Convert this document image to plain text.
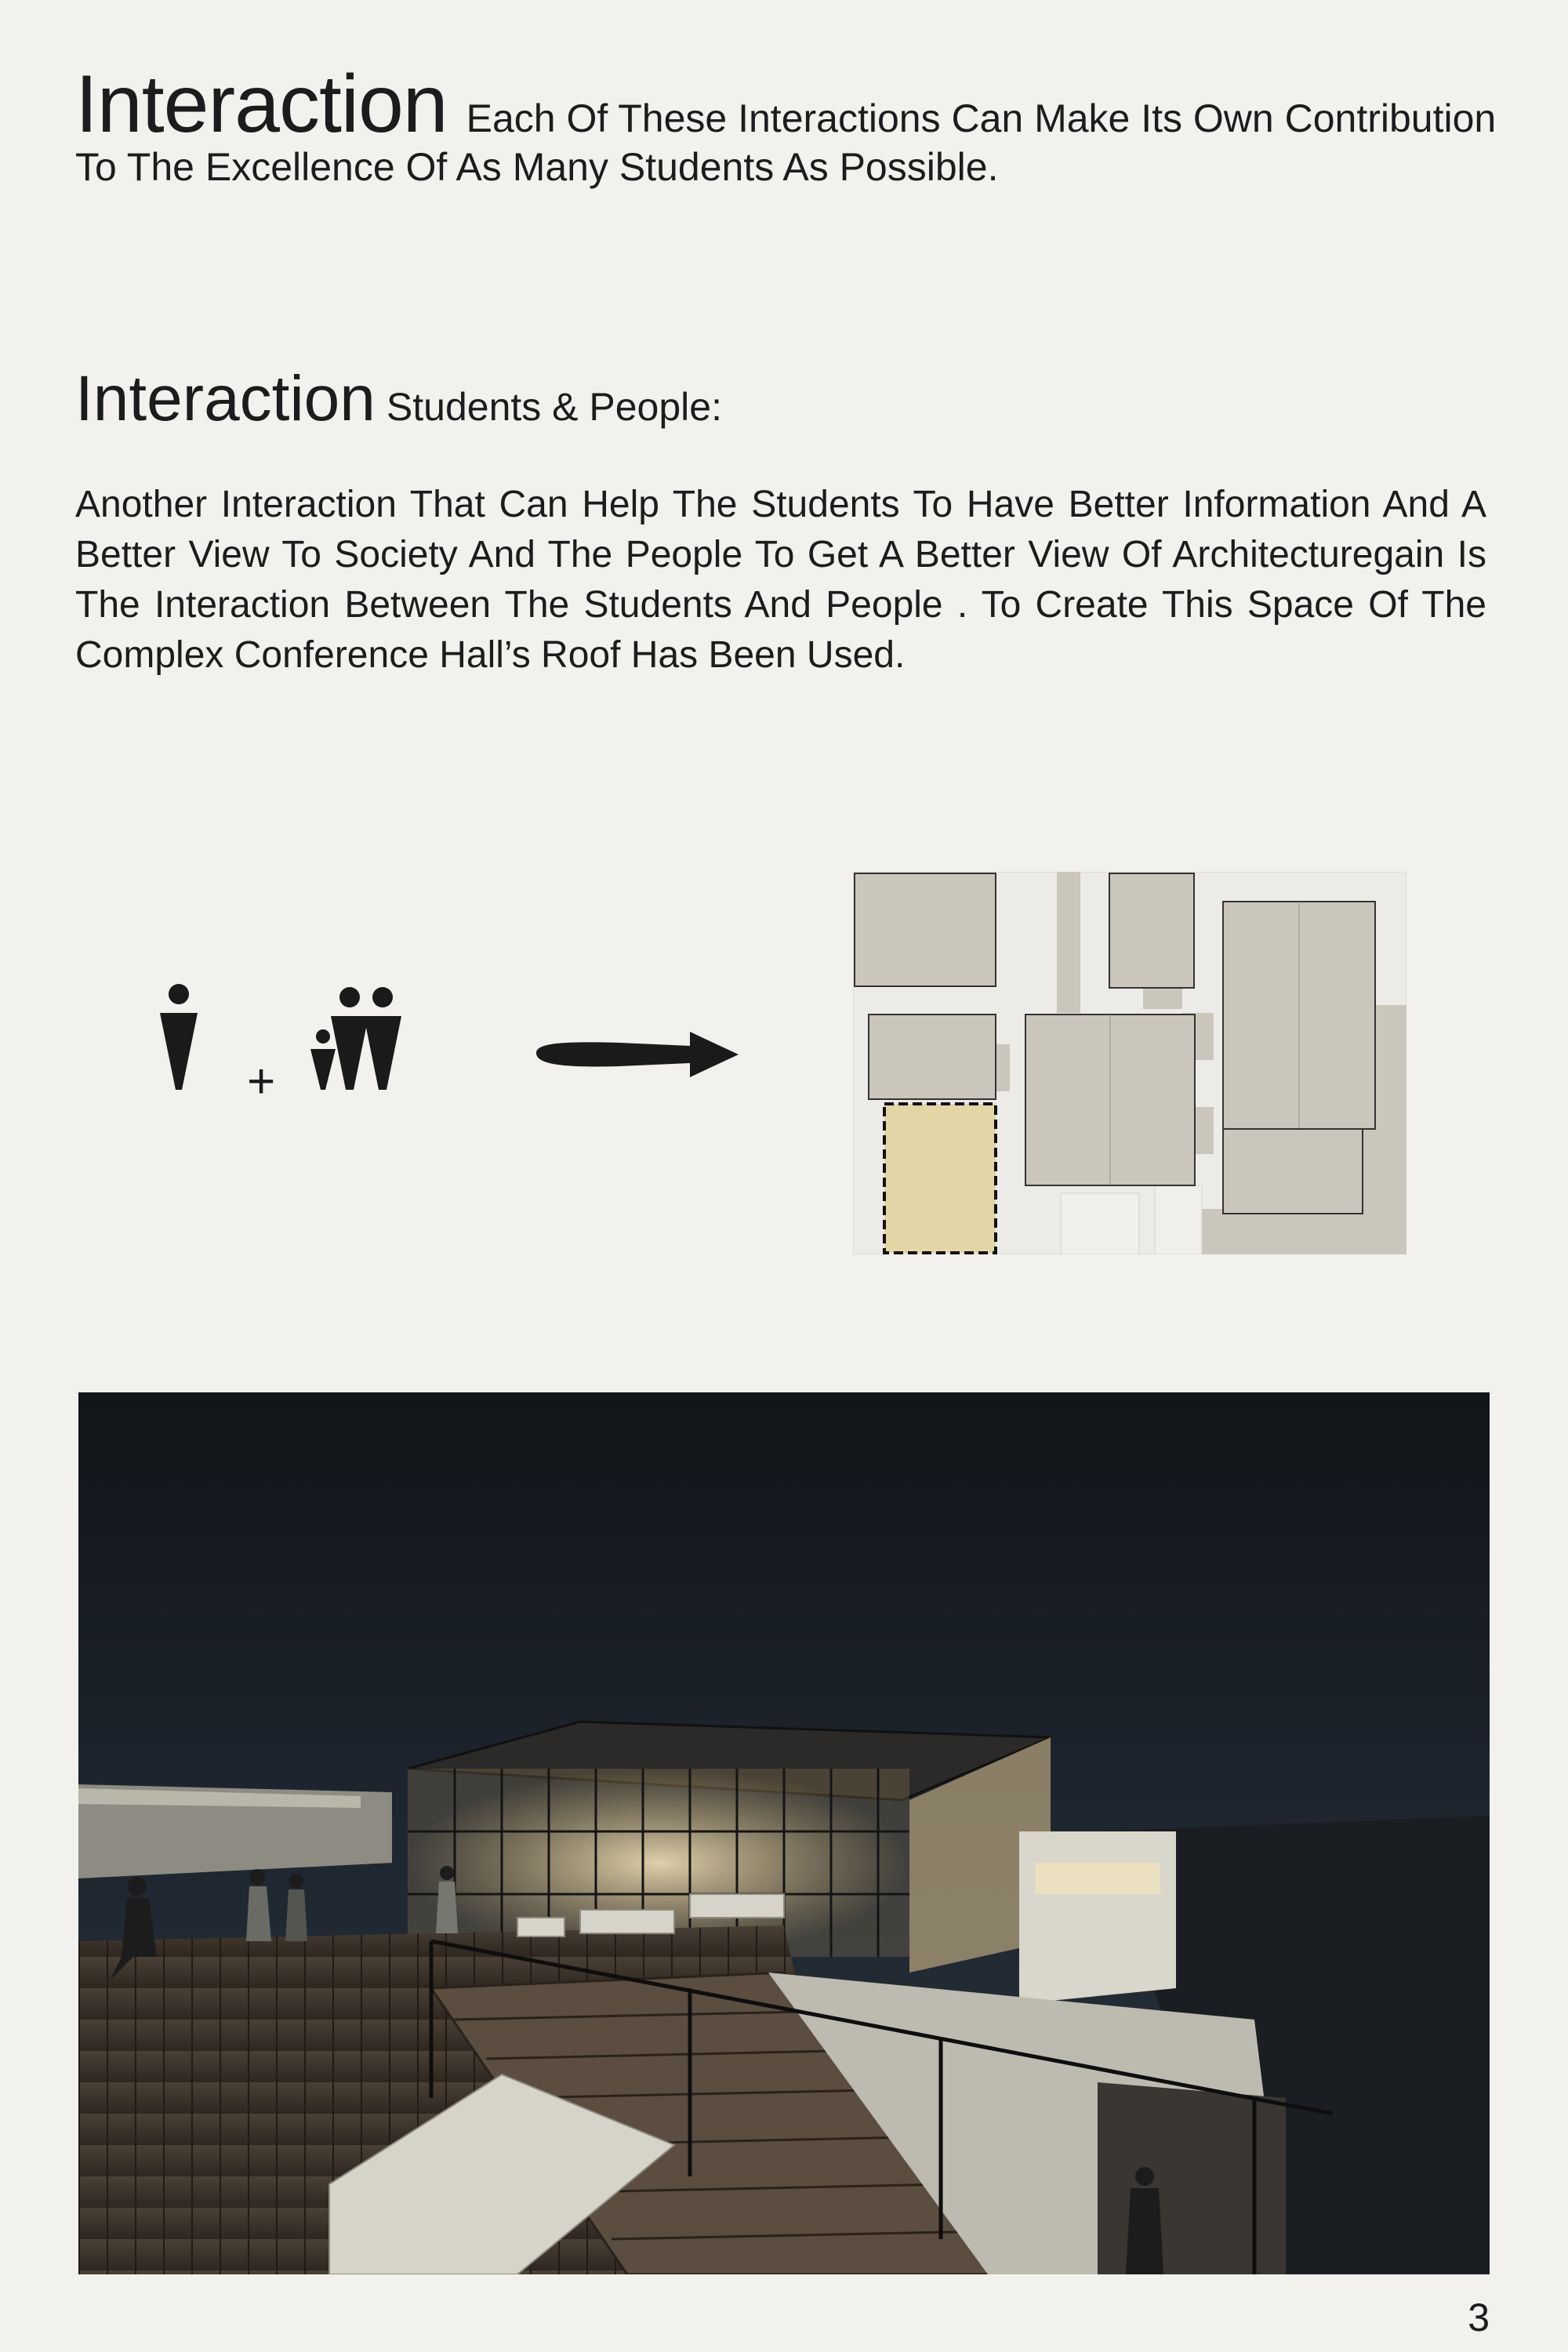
Interaction Each Of These Interactions Can Make Its Own Contribution
To The Excellence Of As Many Students As Possible.
Interaction Students & People:

Another Interaction That Can Help The Students To Have Better Information And A Better View To Society And The People To Get A Better View Of Architecturegain Is The Interaction Between The Students And People . To Create This Space Of The Complex Conference Hall’s Roof Has Been Used.

+
3
